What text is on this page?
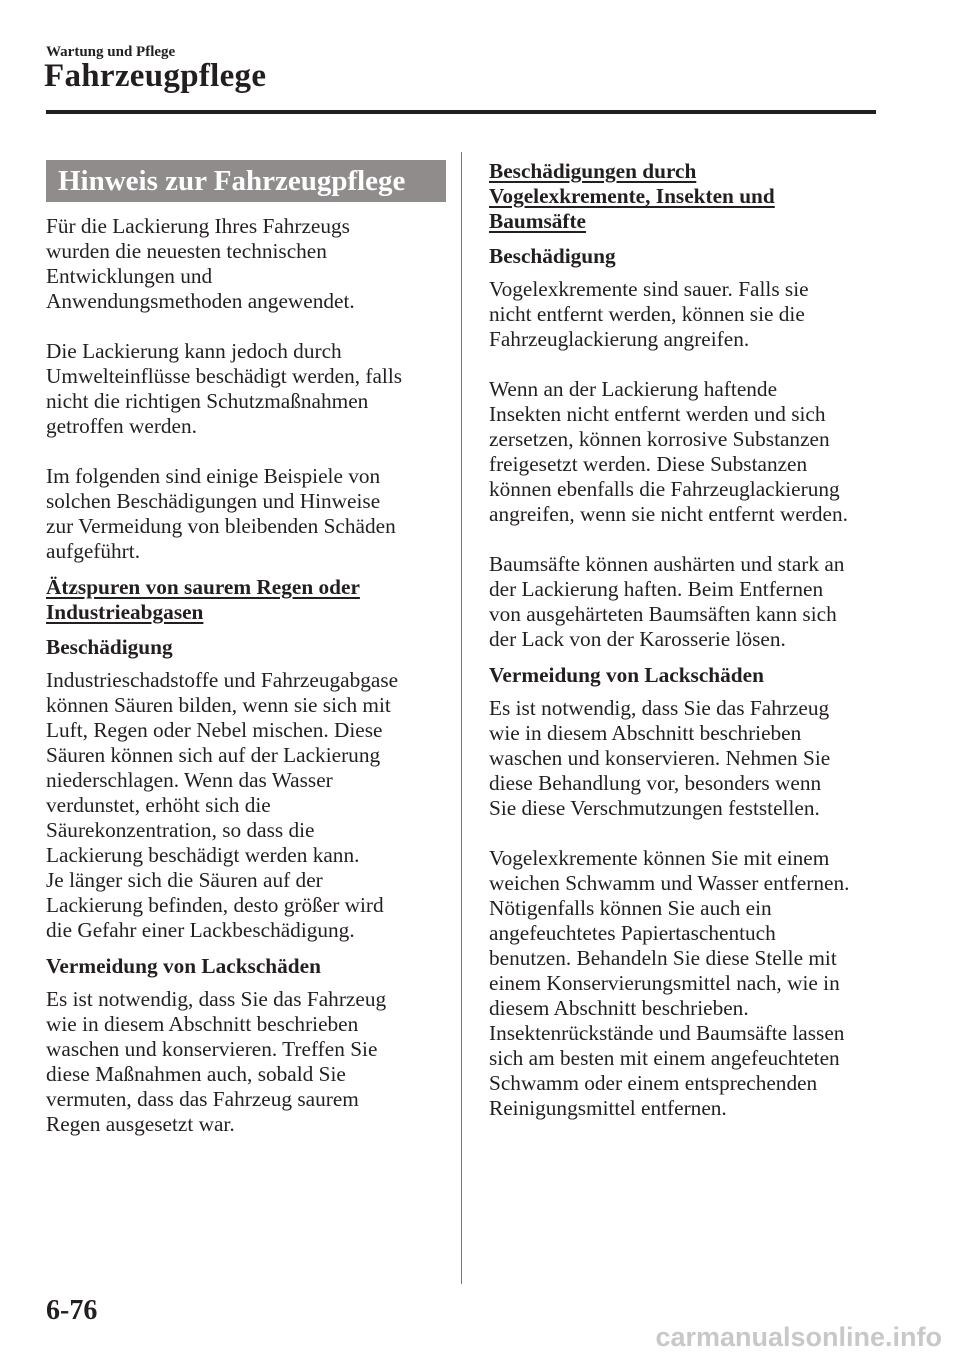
Wartung und Pflege
Fahrzeugpflege
Hinweis zur Fahrzeugpflege

Für die Lackierung Ihres Fahrzeugs
wurden die neuesten technischen
Entwicklungen und
Anwendungsmethoden angewendet.

Die Lackierung kann jedoch durch
Umwelteinflüsse beschädigt werden, falls
nicht die richtigen Schutzmaßnahmen
getroffen werden.

Im folgenden sind einige Beispiele von
solchen Beschädigungen und Hinweise
zur Vermeidung von bleibenden Schäden
aufgeführt.

Ätzspuren von saurem Regen oder
Industrieabgasen
Beschädigung

Industrieschadstoffe und Fahrzeugabgase
können Säuren bilden, wenn sie sich mit
Luft, Regen oder Nebel mischen. Diese
Säuren können sich auf der Lackierung
niederschlagen. Wenn das Wasser
verdunstet, erhöht sich die
Säurekonzentration, so dass die
Lackierung beschädigt werden kann.
Je länger sich die Säuren auf der
Lackierung befinden, desto größer wird
die Gefahr einer Lackbeschädigung.

Vermeidung von Lackschäden

Es ist notwendig, dass Sie das Fahrzeug
wie in diesem Abschnitt beschrieben
waschen und konservieren. Treffen Sie
diese Maßnahmen auch, sobald Sie
vermuten, dass das Fahrzeug saurem
Regen ausgesetzt war.

Beschädigungen durch
Vogelexkremente, Insekten und
Baumsäfte
Beschädigung

Vogelexkremente sind sauer. Falls sie
nicht entfernt werden, können sie die
Fahrzeuglackierung angreifen.

Wenn an der Lackierung haftende
Insekten nicht entfernt werden und sich
zersetzen, können korrosive Substanzen
freigesetzt werden. Diese Substanzen
können ebenfalls die Fahrzeuglackierung
angreifen, wenn sie nicht entfernt werden.

Baumsäfte können aushärten und stark an
der Lackierung haften. Beim Entfernen
von ausgehärteten Baumsäften kann sich
der Lack von der Karosserie lösen.

Vermeidung von Lackschäden

Es ist notwendig, dass Sie das Fahrzeug
wie in diesem Abschnitt beschrieben
waschen und konservieren. Nehmen Sie
diese Behandlung vor, besonders wenn
Sie diese Verschmutzungen feststellen.

Vogelexkremente können Sie mit einem
weichen Schwamm und Wasser entfernen.
Nötigenfalls können Sie auch ein
angefeuchtetes Papiertaschentuch
benutzen. Behandeln Sie diese Stelle mit
einem Konservierungsmittel nach, wie in
diesem Abschnitt beschrieben.
Insektenrückstände und Baumsäfte lassen
sich am besten mit einem angefeuchteten
Schwamm oder einem entsprechenden
Reinigungsmittel entfernen.

6-76
carmanualsonline.info
